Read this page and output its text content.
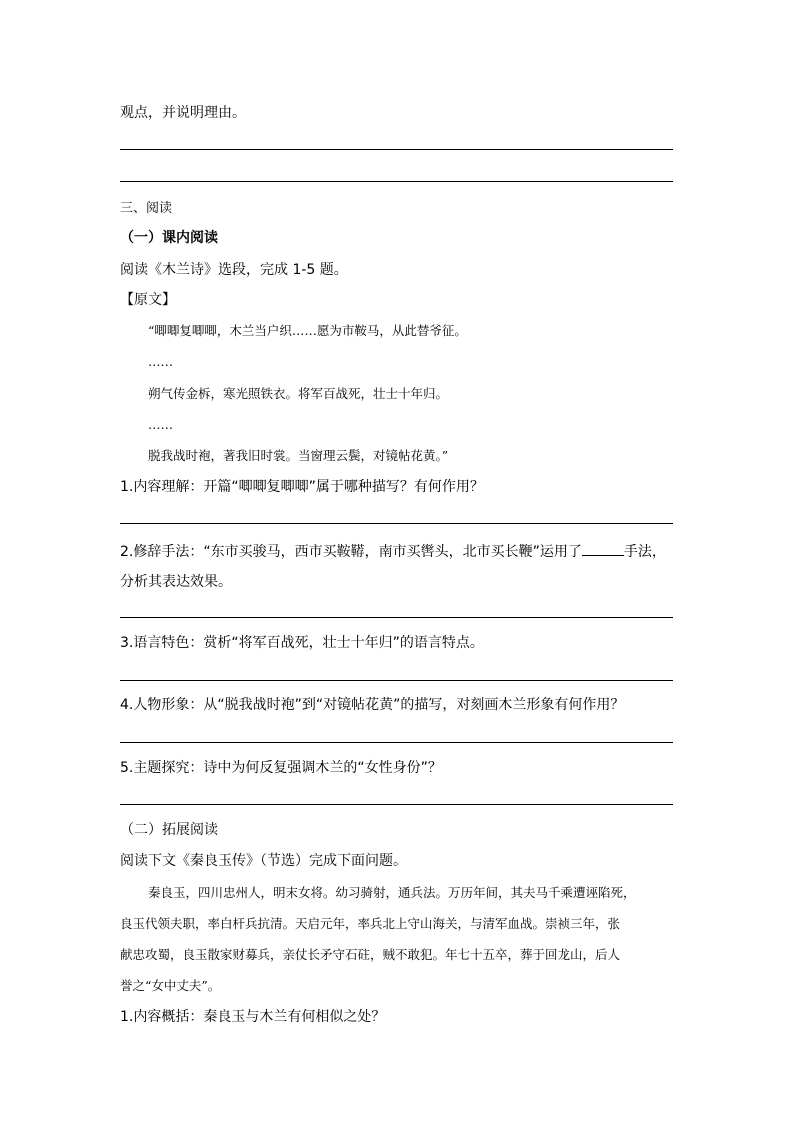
观点，并说明理由。
三、阅读
（一）课内阅读
阅读《木兰诗》选段，完成 1-5 题。
【原文】
“唧唧复唧唧，木兰当户织……愿为市鞍马，从此替爷征。
……
朔气传金柝，寒光照铁衣。将军百战死，壮士十年归。
……
脱我战时袍，著我旧时裳。当窗理云鬓，对镜帖花黄。”
1.内容理解：开篇“唧唧复唧唧”属于哪种描写？有何作用？
2.修辞手法：“东市买骏马，西市买鞍鞯，南市买辔头，北市买长鞭”运用了	手法，
分析其表达效果。
3.语言特色：赏析“将军百战死，壮士十年归”的语言特点。
4.人物形象：从“脱我战时袍”到“对镜帖花黄”的描写，对刻画木兰形象有何作用？
5.主题探究：诗中为何反复强调木兰的“女性身份”？
（二）拓展阅读
阅读下文《秦良玉传》（节选）完成下面问题。
秦良玉，四川忠州人，明末女将。幼习骑射，通兵法。万历年间，其夫马千乘遭诬陷死，
良玉代领夫职，率白杆兵抗清。天启元年，率兵北上守山海关，与清军血战。崇祯三年，张
献忠攻蜀，良玉散家财募兵，亲仗长矛守石砫，贼不敢犯。年七十五卒，葬于回龙山，后人
誉之“女中丈夫”。
1.内容概括：秦良玉与木兰有何相似之处？
